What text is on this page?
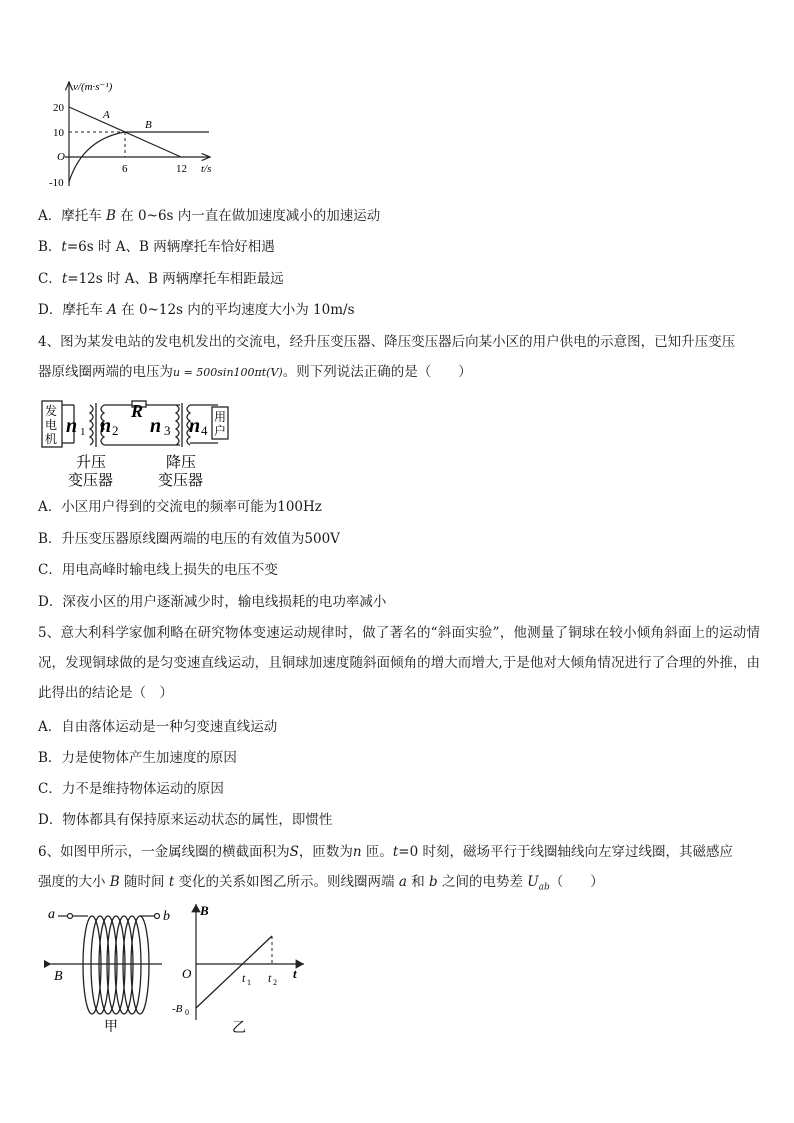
v/(m·s⁻¹)
t/s
O
A
B
20
10
-10
6	12
A．摩托车 B 在 0~6s 内一直在做加速度减小的加速运动
B．t=6s 时 A、B 两辆摩托车恰好相遇
C．t=12s 时 A、B 两辆摩托车相距最远
D．摩托车 A 在 0~12s 内的平均速度大小为 10m/s
4、图为某发电站的发电机发出的交流电，经升压变压器、降压变压器后向某小区的用户供电的示意图，已知升压变压
器原线圈两端的电压为u = 500sin100πt(V)。则下列说法正确的是（　　）
发
电
机
n 1 n 2
R
n 3 n 4
用
户
升压
变压器
降压
变压器
A．小区用户得到的交流电的频率可能为100Hz
B．升压变压器原线圈两端的电压的有效值为500V
C．用电高峰时输电线上损失的电压不变
D．深夜小区的用户逐渐减少时，输电线损耗的电功率减小
5、意大利科学家伽利略在研究物体变速运动规律时，做了著名的“斜面实验”，他测量了铜球在较小倾角斜面上的运动情况，发现铜球做的是匀变速直线运动，且铜球加速度随斜面倾角的增大而增大,于是他对大倾角情况进行了合理的外推，由此得出的结论是（　）
A．自由落体运动是一种匀变速直线运动
B．力是使物体产生加速度的原因
C．力不是维持物体运动的原因
D．物体都具有保持原来运动状态的属性，即惯性
6、如图甲所示，一金属线圈的横截面积为S，匝数为n 匝。t=0 时刻，磁场平行于线圈轴线向左穿过线圈，其磁感应
强度的大小 B 随时间 t 变化的关系如图乙所示。则线圈两端 a 和 b 之间的电势差 $U_{ab}$（　　）
a	b
B
甲
B
t
O	t 1 t 2
-B 0
乙
